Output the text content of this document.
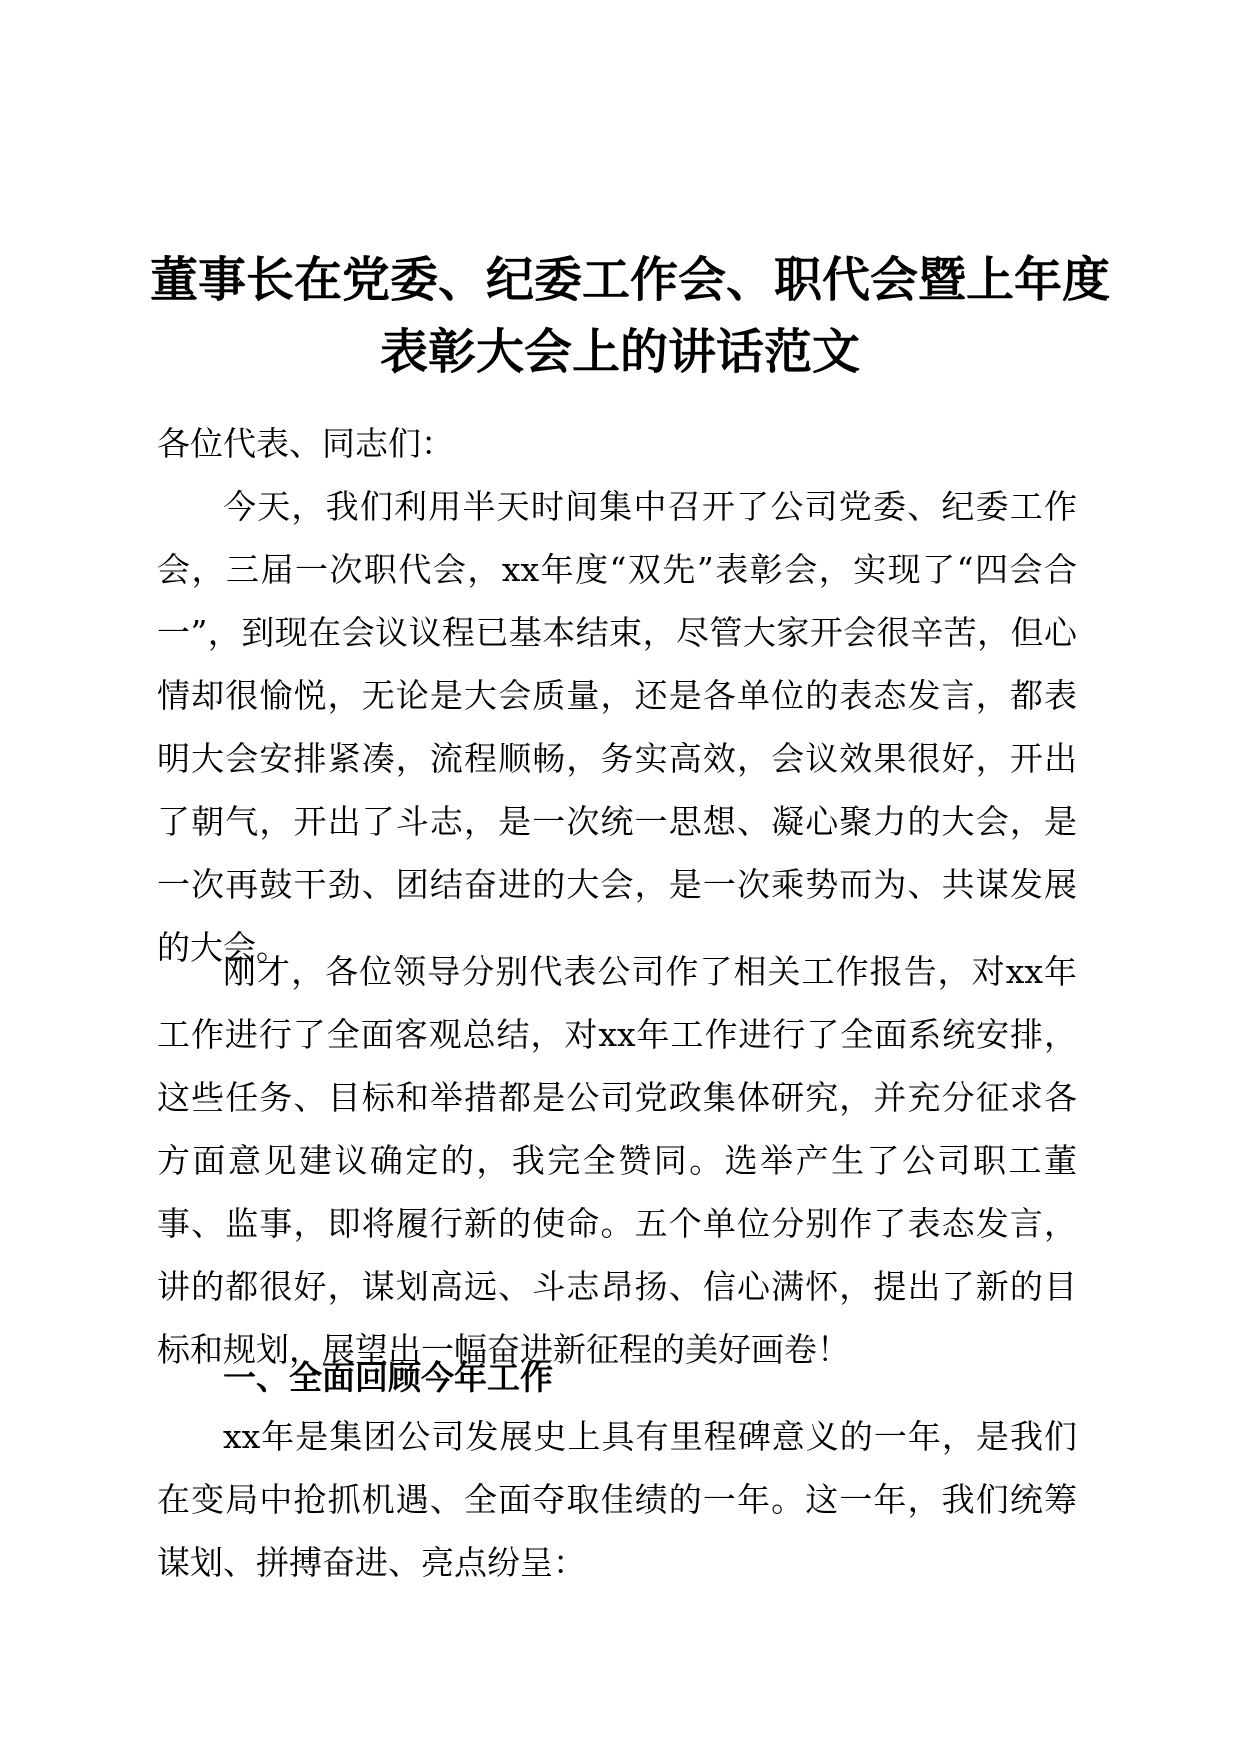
董事长在党委、纪委工作会、职代会暨上年度
表彰大会上的讲话范文
各位代表、同志们：

今天，我们利用半天时间集中召开了公司党委、纪委工作会，三届一次职代会，xx年度“双先”表彰会，实现了“四会合一”，到现在会议议程已基本结束，尽管大家开会很辛苦，但心情却很愉悦，无论是大会质量，还是各单位的表态发言，都表明大会安排紧凑，流程顺畅，务实高效，会议效果很好，开出了朝气，开出了斗志，是一次统一思想、凝心聚力的大会，是一次再鼓干劲、团结奋进的大会，是一次乘势而为、共谋发展的大会。

刚才，各位领导分别代表公司作了相关工作报告，对xx年工作进行了全面客观总结，对xx年工作进行了全面系统安排，这些任务、目标和举措都是公司党政集体研究，并充分征求各方面意见建议确定的，我完全赞同。选举产生了公司职工董事、监事，即将履行新的使命。五个单位分别作了表态发言，讲的都很好，谋划高远、斗志昂扬、信心满怀，提出了新的目标和规划，展望出一幅奋进新征程的美好画卷！

一、全面回顾今年工作

xx年是集团公司发展史上具有里程碑意义的一年，是我们在变局中抢抓机遇、全面夺取佳绩的一年。这一年，我们统筹谋划、拼搏奋进、亮点纷呈：
